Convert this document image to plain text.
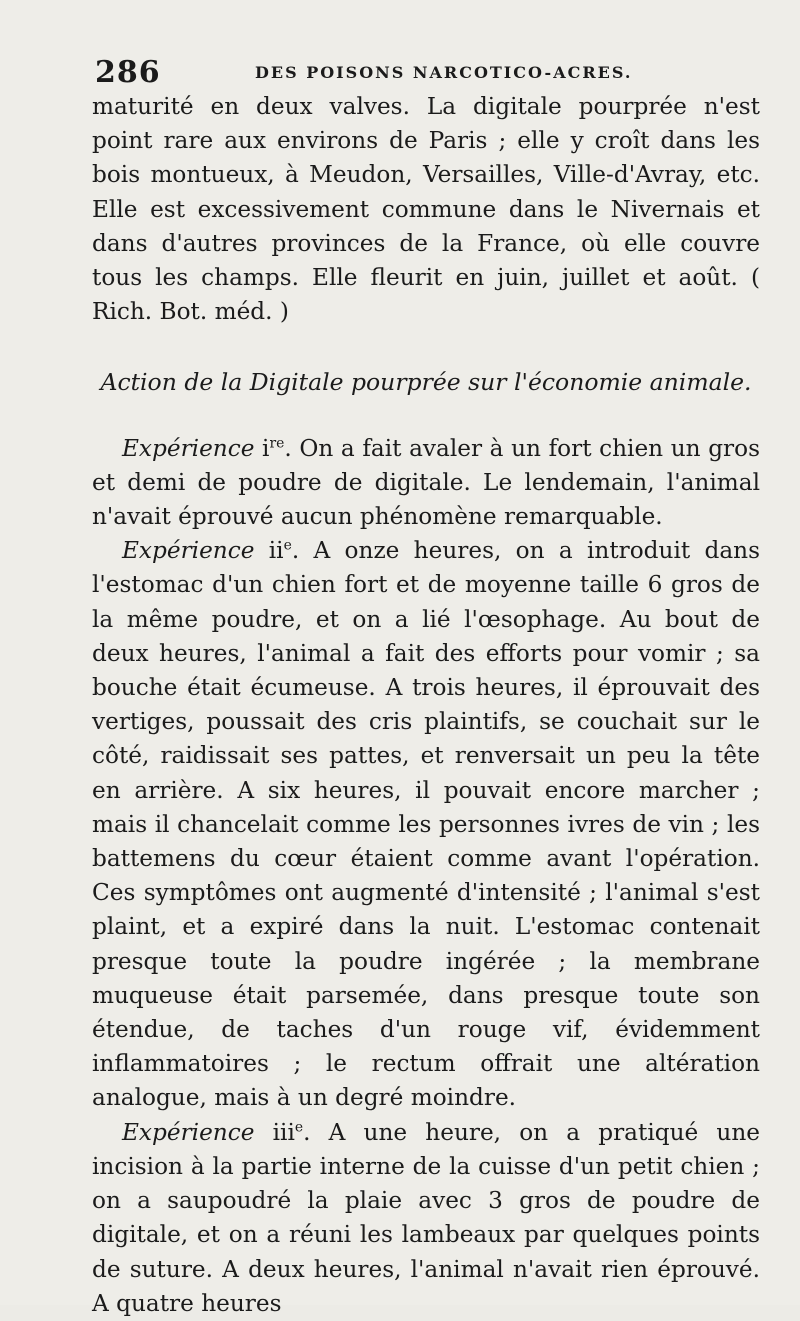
286	DES POISONS NARCOTICO-ACRES.

maturité en deux valves. La digitale pourprée n'est point rare aux environs de Paris ; elle y croît dans les bois montueux, à Meudon, Versailles, Ville-d'Avray, etc. Elle est excessivement commune dans le Nivernais et dans d'autres provinces de la France, où elle couvre tous les champs. Elle fleurit en juin, juillet et août. ( Rich. Bot. méd. )

Action de la Digitale pourprée sur l'économie animale.

Expérience $i^{re}$. On a fait avaler à un fort chien un gros et demi de poudre de digitale. Le lendemain, l'animal n'avait éprouvé aucun phénomène remarquable.

Expérience $ii^e$. A onze heures, on a introduit dans l'estomac d'un chien fort et de moyenne taille 6 gros de la même poudre, et on a lié l'œsophage. Au bout de deux heures, l'animal a fait des efforts pour vomir ; sa bouche était écumeuse. A trois heures, il éprouvait des vertiges, poussait des cris plaintifs, se couchait sur le côté, raidissait ses pattes, et renversait un peu la tête en arrière. A six heures, il pouvait encore marcher ; mais il chancelait comme les personnes ivres de vin ; les battemens du cœur étaient comme avant l'opération. Ces symptômes ont augmenté d'intensité ; l'animal s'est plaint, et a expiré dans la nuit. L'estomac contenait presque toute la poudre ingérée ; la membrane muqueuse était parsemée, dans presque toute son étendue, de taches d'un rouge vif, évidemment inflammatoires ; le rectum offrait une altération analogue, mais à un degré moindre.

Expérience iii$^e$. A une heure, on a pratiqué une incision à la partie interne de la cuisse d'un petit chien ; on a saupoudré la plaie avec 3 gros de poudre de digitale, et on a réuni les lambeaux par quelques points de suture. A deux heures, l'animal n'avait rien éprouvé. A quatre heures
